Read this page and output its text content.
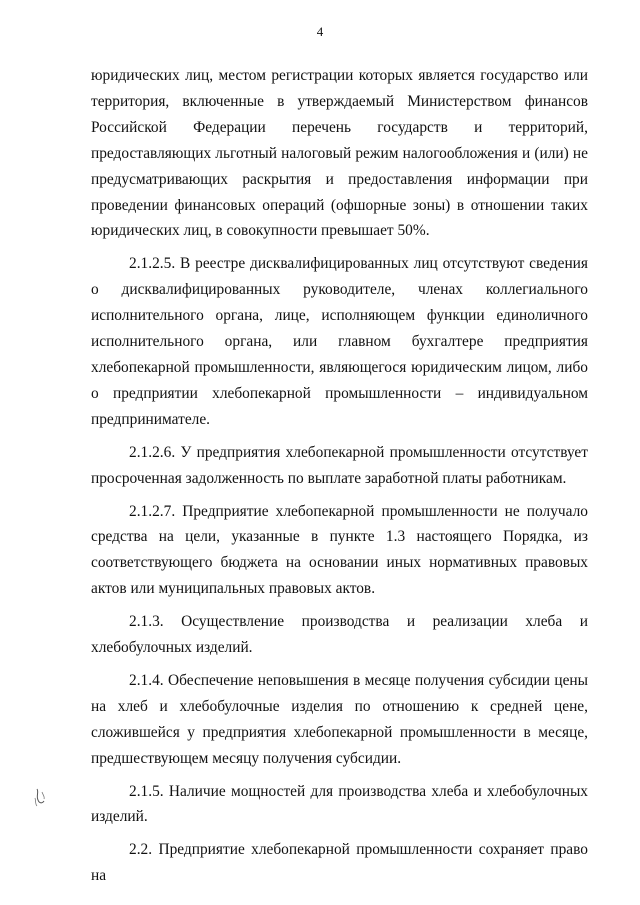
4

юридических лиц, местом регистрации которых является государство или территория, включенные в утверждаемый Министерством финансов Российской Федерации перечень государств и территорий, предоставляющих льготный налоговый режим налогообложения и (или) не предусматривающих раскрытия и предоставления информации при проведении финансовых операций (офшорные зоны) в отношении таких юридических лиц, в совокупности превышает 50%.

2.1.2.5. В реестре дисквалифицированных лиц отсутствуют сведения о дисквалифицированных руководителе, членах коллегиального исполнительного органа, лице, исполняющем функции единоличного исполнительного органа, или главном бухгалтере предприятия хлебопекарной промышленности, являющегося юридическим лицом, либо о предприятии хлебопекарной промышленности – индивидуальном предпринимателе.

2.1.2.6. У предприятия хлебопекарной промышленности отсутствует просроченная задолженность по выплате заработной платы работникам.

2.1.2.7. Предприятие хлебопекарной промышленности не получало средства на цели, указанные в пункте 1.3 настоящего Порядка, из соответствующего бюджета на основании иных нормативных правовых актов или муниципальных правовых актов.

2.1.3. Осуществление производства и реализации хлеба и хлебобулочных изделий.

2.1.4. Обеспечение неповышения в месяце получения субсидии цены на хлеб и хлебобулочные изделия по отношению к средней цене, сложившейся у предприятия хлебопекарной промышленности в месяце, предшествующем месяцу получения субсидии.

2.1.5. Наличие мощностей для производства хлеба и хлебобулочных изделий.

2.2. Предприятие хлебопекарной промышленности сохраняет право на
